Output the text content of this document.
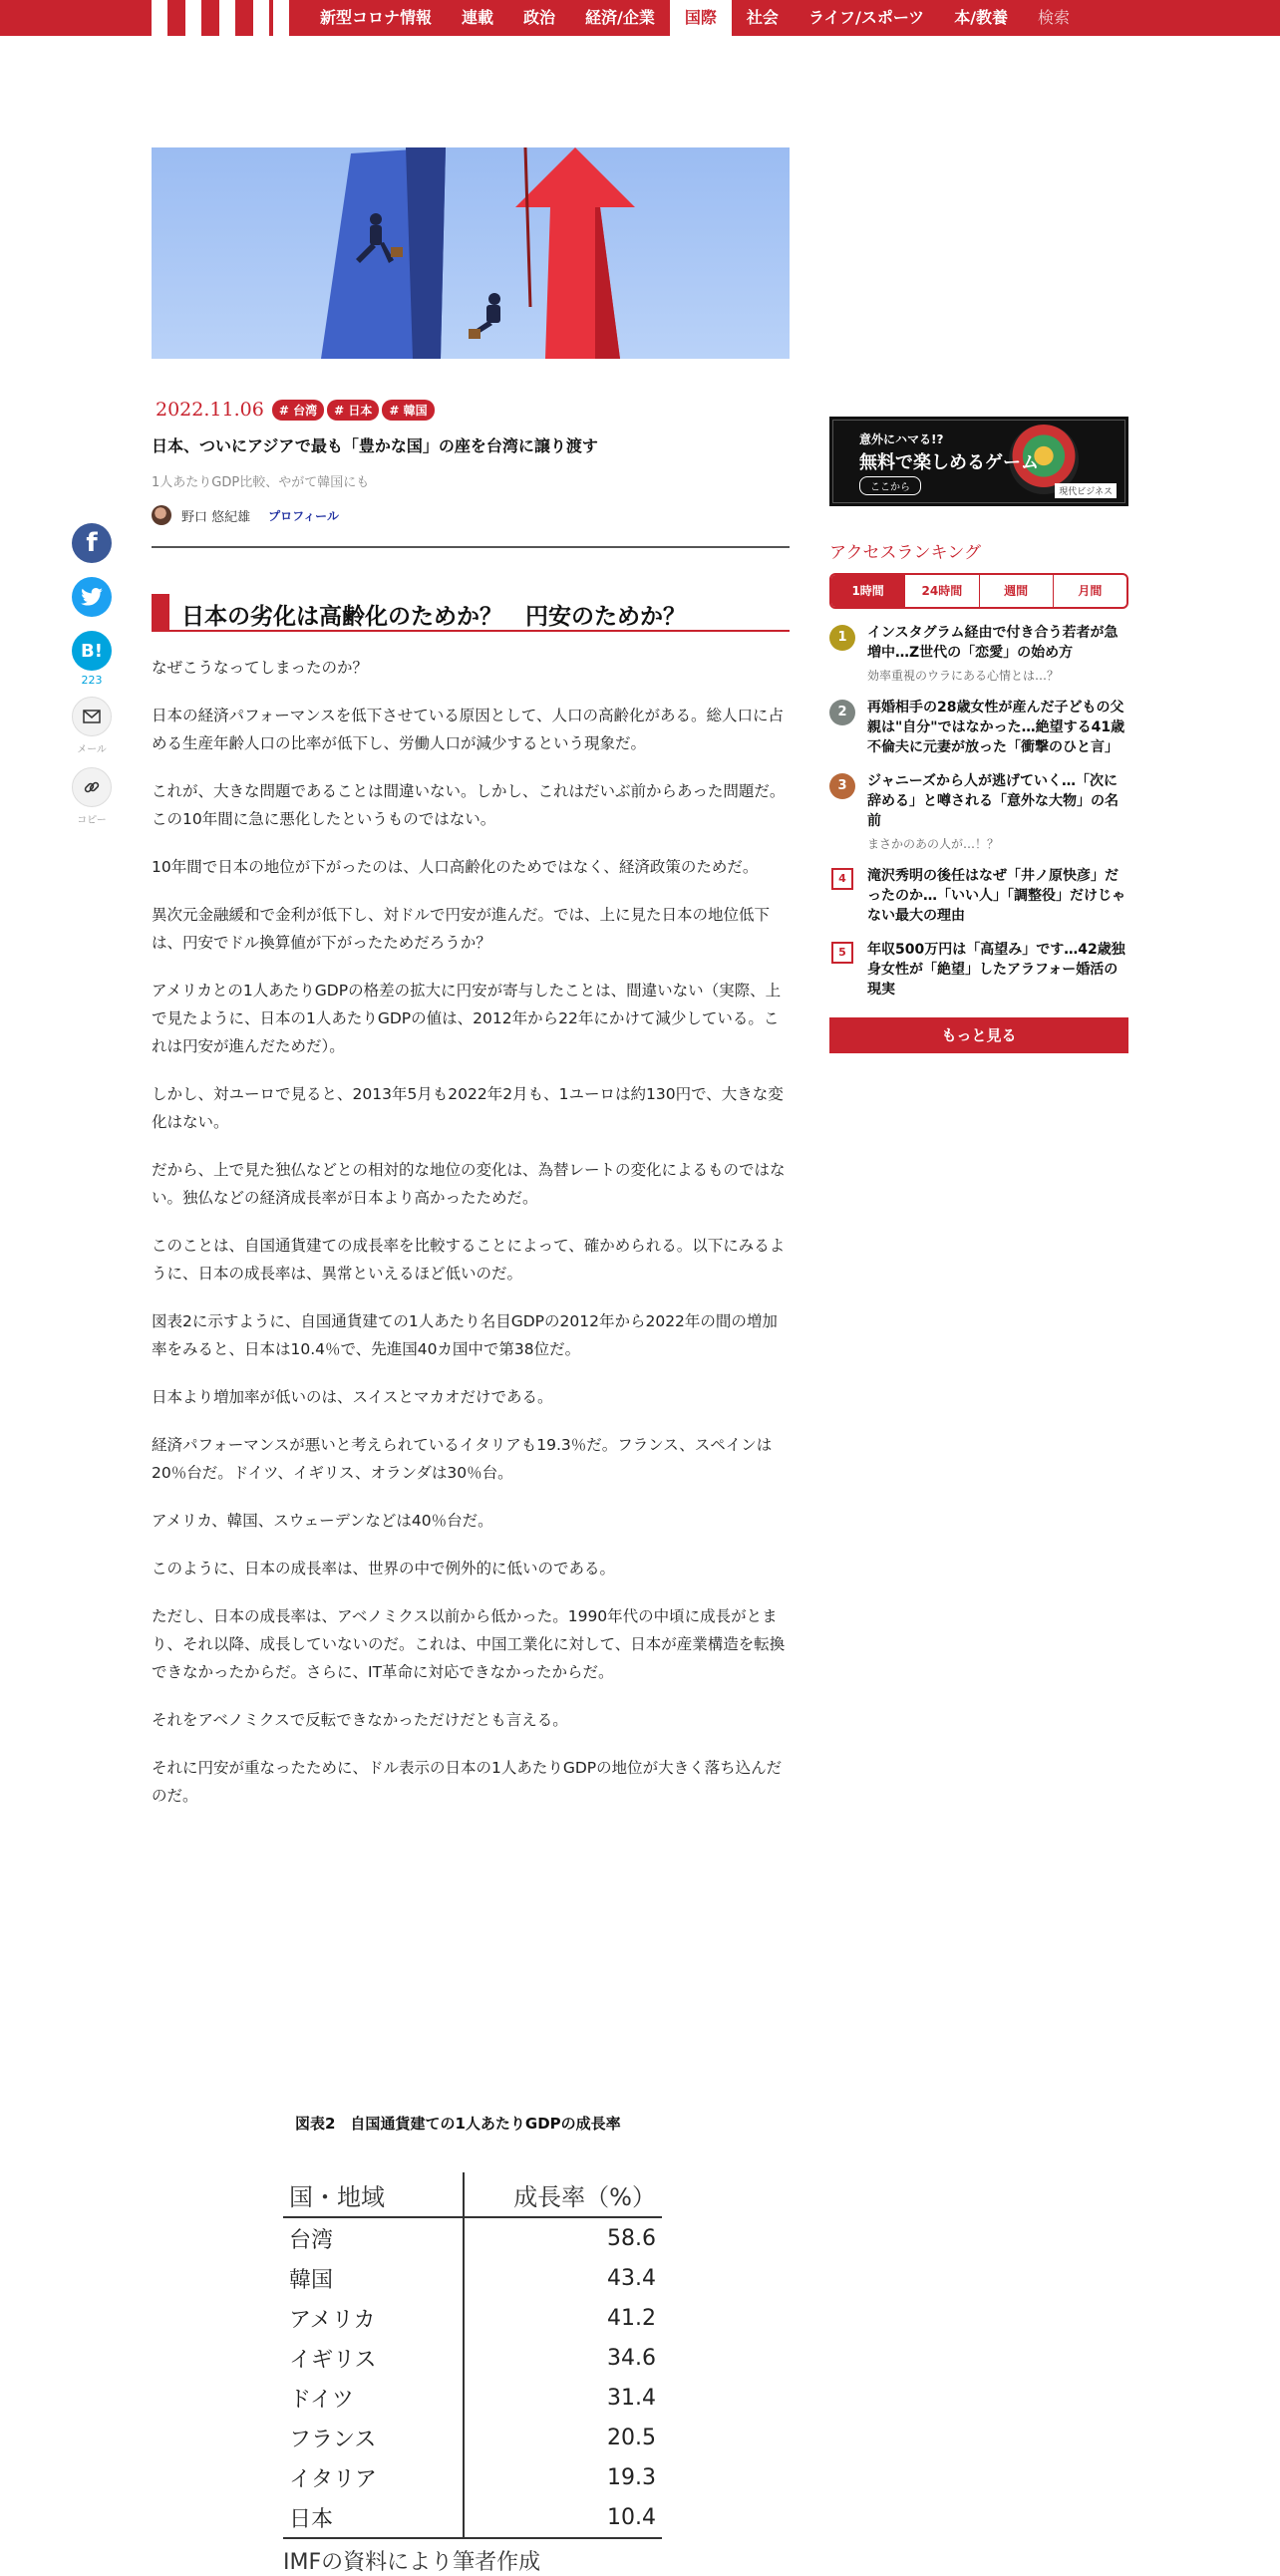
新型コロナ情報	連載	政治	経済/企業	国際	社会	ライフ/スポーツ	本/教養	検索
f
B!
223
メール
コピー
2022.11.06 # 台湾 # 日本 # 韓国
日本、ついにアジアで最も「豊かな国」の座を台湾に譲り渡す
1人あたりGDP比較、やがて韓国にも
野口 悠紀雄 プロフィール
日本の劣化は高齢化のためか？　円安のためか？

なぜこうなってしまったのか？

日本の経済パフォーマンスを低下させている原因として、人口の高齢化がある。総人口に占める生産年齢人口の比率が低下し、労働人口が減少するという現象だ。

これが、大きな問題であることは間違いない。しかし、これはだいぶ前からあった問題だ。この10年間に急に悪化したというものではない。

10年間で日本の地位が下がったのは、人口高齢化のためではなく、経済政策のためだ。

異次元金融緩和で金利が低下し、対ドルで円安が進んだ。では、上に見た日本の地位低下は、円安でドル換算値が下がったためだろうか？

アメリカとの1人あたりGDPの格差の拡大に円安が寄与したことは、間違いない（実際、上で見たように、日本の1人あたりGDPの値は、2012年から22年にかけて減少している。これは円安が進んだためだ）。

しかし、対ユーロで見ると、2013年5月も2022年2月も、1ユーロは約130円で、大きな変化はない。

だから、上で見た独仏などとの相対的な地位の変化は、為替レートの変化によるものではない。独仏などの経済成長率が日本より高かったためだ。

このことは、自国通貨建ての成長率を比較することによって、確かめられる。以下にみるように、日本の成長率は、異常といえるほど低いのだ。

図表2に示すように、自国通貨建ての1人あたり名目GDPの2012年から2022年の間の増加率をみると、日本は10.4％で、先進国40カ国中で第38位だ。

日本より増加率が低いのは、スイスとマカオだけである。

経済パフォーマンスが悪いと考えられているイタリアも19.3％だ。フランス、スペインは20％台だ。ドイツ、イギリス、オランダは30％台。

アメリカ、韓国、スウェーデンなどは40％台だ。

このように、日本の成長率は、世界の中で例外的に低いのである。

ただし、日本の成長率は、アベノミクス以前から低かった。1990年代の中頃に成長がとまり、それ以降、成長していないのだ。これは、中国工業化に対して、日本が産業構造を転換できなかったからだ。さらに、IT革命に対応できなかったからだ。

それをアベノミクスで反転できなかっただけだとも言える。

それに円安が重なったために、ドル表示の日本の1人あたりGDPの地位が大きく落ち込んだのだ。

意外にハマる!?
無料で楽しめるゲーム
ここから	現代ビジネス
アクセスランキング
1時間	24時間	週間	月間
1	インスタグラム経由で付き合う若者が急増中…Z世代の「恋愛」の始め方
効率重視のウラにある心情とは…？
2	再婚相手の28歳女性が産んだ子どもの父親は"自分"ではなかった…絶望する41歳不倫夫に元妻が放った「衝撃のひと言」
3	ジャニーズから人が逃げていく…「次に辞める」と噂される「意外な大物」の名前
まさかのあの人が…！？
4	滝沢秀明の後任はなぜ「井ノ原快彦」だったのか…「いい人」「調整役」だけじゃない最大の理由
5	年収500万円は「高望み」です…42歳独身女性が「絶望」したアラフォー婚活の現実
もっと見る
図表2　自国通貨建ての1人あたりGDPの成長率
国・地域	成長率（%）
台湾	58.6
韓国	43.4
アメリカ	41.2
イギリス	34.6
ドイツ	31.4
フランス	20.5
イタリア	19.3
日本	10.4
IMFの資料により筆者作成
